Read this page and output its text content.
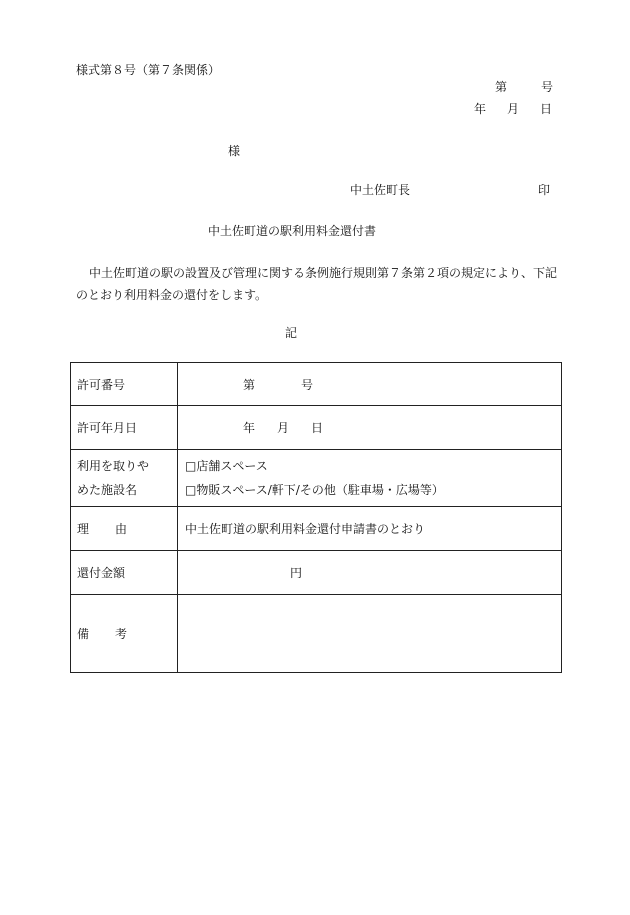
様式第８号（第７条関係）
第	号
年 月 日
様
中土佐町長	印
中土佐町道の駅利用料金還付書
中土佐町道の駅の設置及び管理に関する条例施行規則第７条第２項の規定により、下記のとおり利用料金の還付をします。
記
許可番号	第 号
許可年月日	年 月 日

利用を取りや
めた施設名	□店舗スペース
□物販スペース/軒下/その他（駐車場・広場等）

理 由	中土佐町道の駅利用料金還付申請書のとおり
還付金額	円
備 考	
